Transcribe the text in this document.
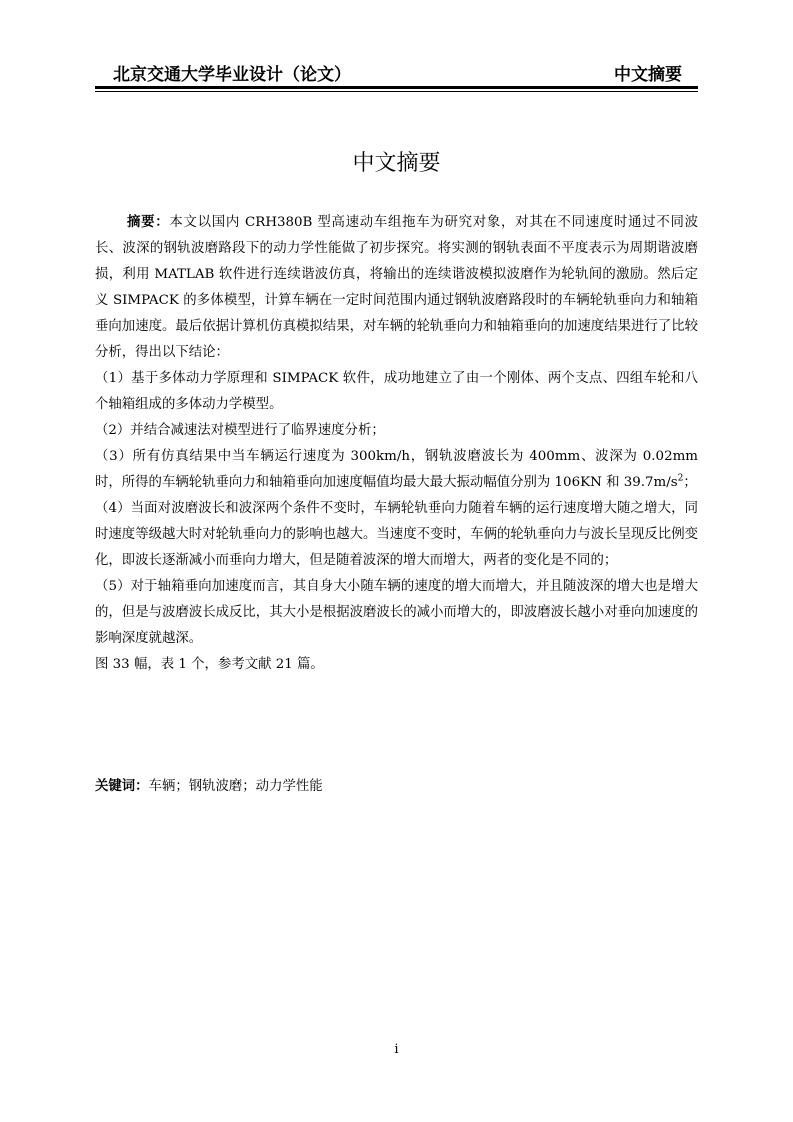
北京交通大学毕业设计（论文）	中文摘要
中文摘要

摘要：本文以国内 CRH380B 型高速动车组拖车为研究对象，对其在不同速度时通过不同波长、波深的钢轨波磨路段下的动力学性能做了初步探究。将实测的钢轨表面不平度表示为周期谐波磨损，利用 MATLAB 软件进行连续谐波仿真，将输出的连续谐波模拟波磨作为轮轨间的激励。然后定义 SIMPACK 的多体模型，计算车辆在一定时间范围内通过钢轨波磨路段时的车辆轮轨垂向力和轴箱垂向加速度。最后依据计算机仿真模拟结果，对车辆的轮轨垂向力和轴箱垂向的加速度结果进行了比较分析，得出以下结论：

（1）基于多体动力学原理和 SIMPACK 软件，成功地建立了由一个刚体、两个支点、四组车轮和八个轴箱组成的多体动力学模型。

（2）并结合减速法对模型进行了临界速度分析；

（3）所有仿真结果中当车辆运行速度为 300km/h，钢轨波磨波长为 400mm、波深为 0.02mm 时，所得的车辆轮轨垂向力和轴箱垂向加速度幅值均最大最大振动幅值分别为 106KN 和 $39.7m/s^2$；

（4）当面对波磨波长和波深两个条件不变时，车辆轮轨垂向力随着车辆的运行速度增大随之增大，同时速度等级越大时对轮轨垂向力的影响也越大。当速度不变时，车俩的轮轨垂向力与波长呈现反比例变化，即波长逐渐减小而垂向力增大，但是随着波深的增大而增大，两者的变化是不同的；

（5）对于轴箱垂向加速度而言，其自身大小随车辆的速度的增大而增大，并且随波深的增大也是增大的，但是与波磨波长成反比，其大小是根据波磨波长的减小而增大的，即波磨波长越小对垂向加速度的影响深度就越深。

图 33 幅，表 1 个，参考文献 21 篇。

关键词：车辆；钢轨波磨；动力学性能
i
